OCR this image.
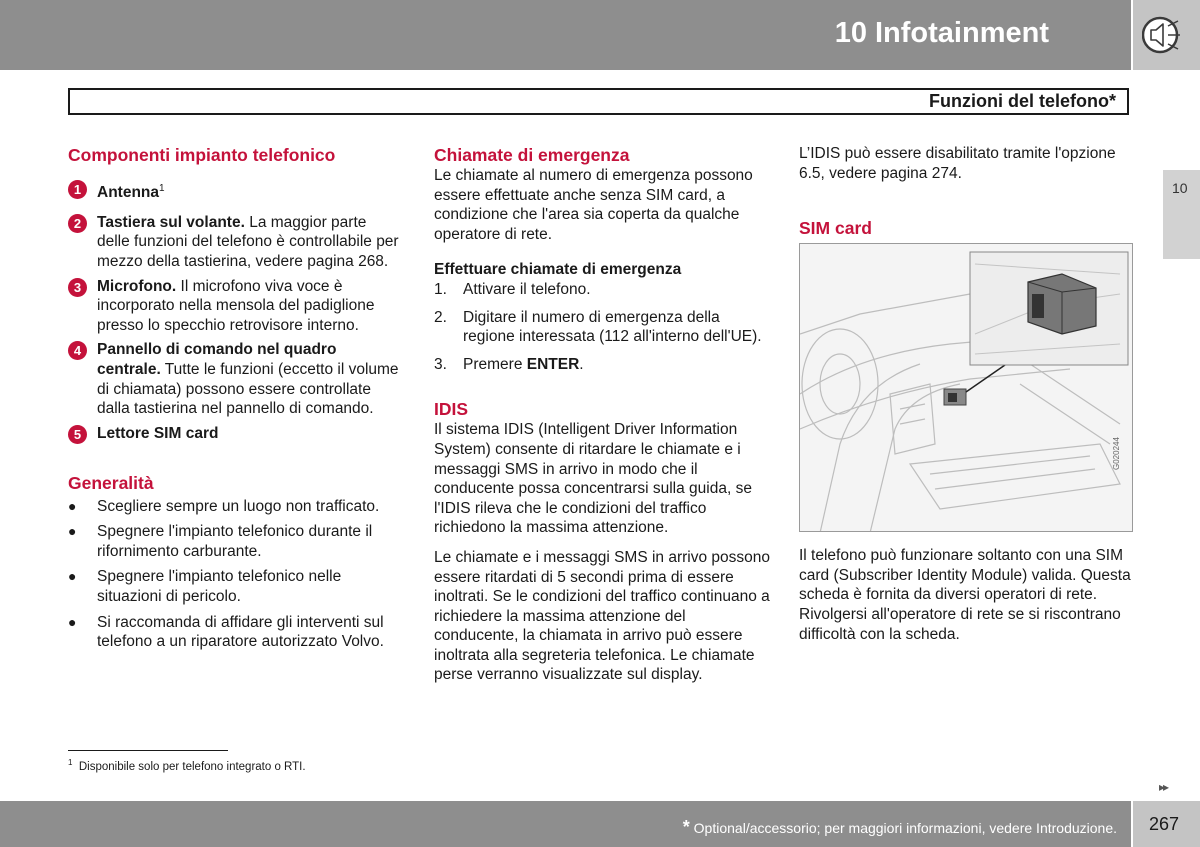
10 Infotainment
Funzioni del telefono*
10
Componenti impianto telefonico
1	Antenna$^1$
2	Tastiera sul volante. La maggior parte delle funzioni del telefono è controllabile per mezzo della tastierina, vedere pagina 268.
3	Microfono. Il microfono viva voce è incorporato nella mensola del padiglione presso lo specchio retrovisore interno.
4	Pannello di comando nel quadro centrale. Tutte le funzioni (eccetto il volume di chiamata) possono essere controllate dalla tastierina nel pannello di comando.
5	Lettore SIM card
Generalità
●	Scegliere sempre un luogo non trafficato.
●	Spegnere l'impianto telefonico durante il rifornimento carburante.
●	Spegnere l'impianto telefonico nelle situazioni di pericolo.
●	Si raccomanda di affidare gli interventi sul telefono a un riparatore autorizzato Volvo.
Chiamate di emergenza

Le chiamate al numero di emergenza possono essere effettuate anche senza SIM card, a condizione che l'area sia coperta da qualche operatore di rete.

Effettuare chiamate di emergenza
1.	Attivare il telefono.
2.	Digitare il numero di emergenza della regione interessata (112 all'interno dell'UE).
3.	Premere ENTER.
IDIS

Il sistema IDIS (Intelligent Driver Information System) consente di ritardare le chiamate e i messaggi SMS in arrivo in modo che il conducente possa concentrarsi sulla guida, se l'IDIS rileva che le condizioni del traffico richiedono la massima attenzione.

Le chiamate e i messaggi SMS in arrivo possono essere ritardati di 5 secondi prima di essere inoltrati. Se le condizioni del traffico continuano a richiedere la massima attenzione del conducente, la chiamata in arrivo può essere inoltrata alla segreteria telefonica. Le chiamate perse verranno visualizzate sul display.

L’IDIS può essere disabilitato tramite l'opzione 6.5, vedere pagina 274.

SIM card
G020244

Il telefono può funzionare soltanto con una SIM card (Subscriber Identity Module) valida. Questa scheda è fornita da diversi operatori di rete. Rivolgersi all'operatore di rete se si riscontrano difficoltà con la scheda.

$^1$ Disponibile solo per telefono integrato o RTI.
▸▸
* Optional/accessorio; per maggiori informazioni, vedere Introduzione. 267
